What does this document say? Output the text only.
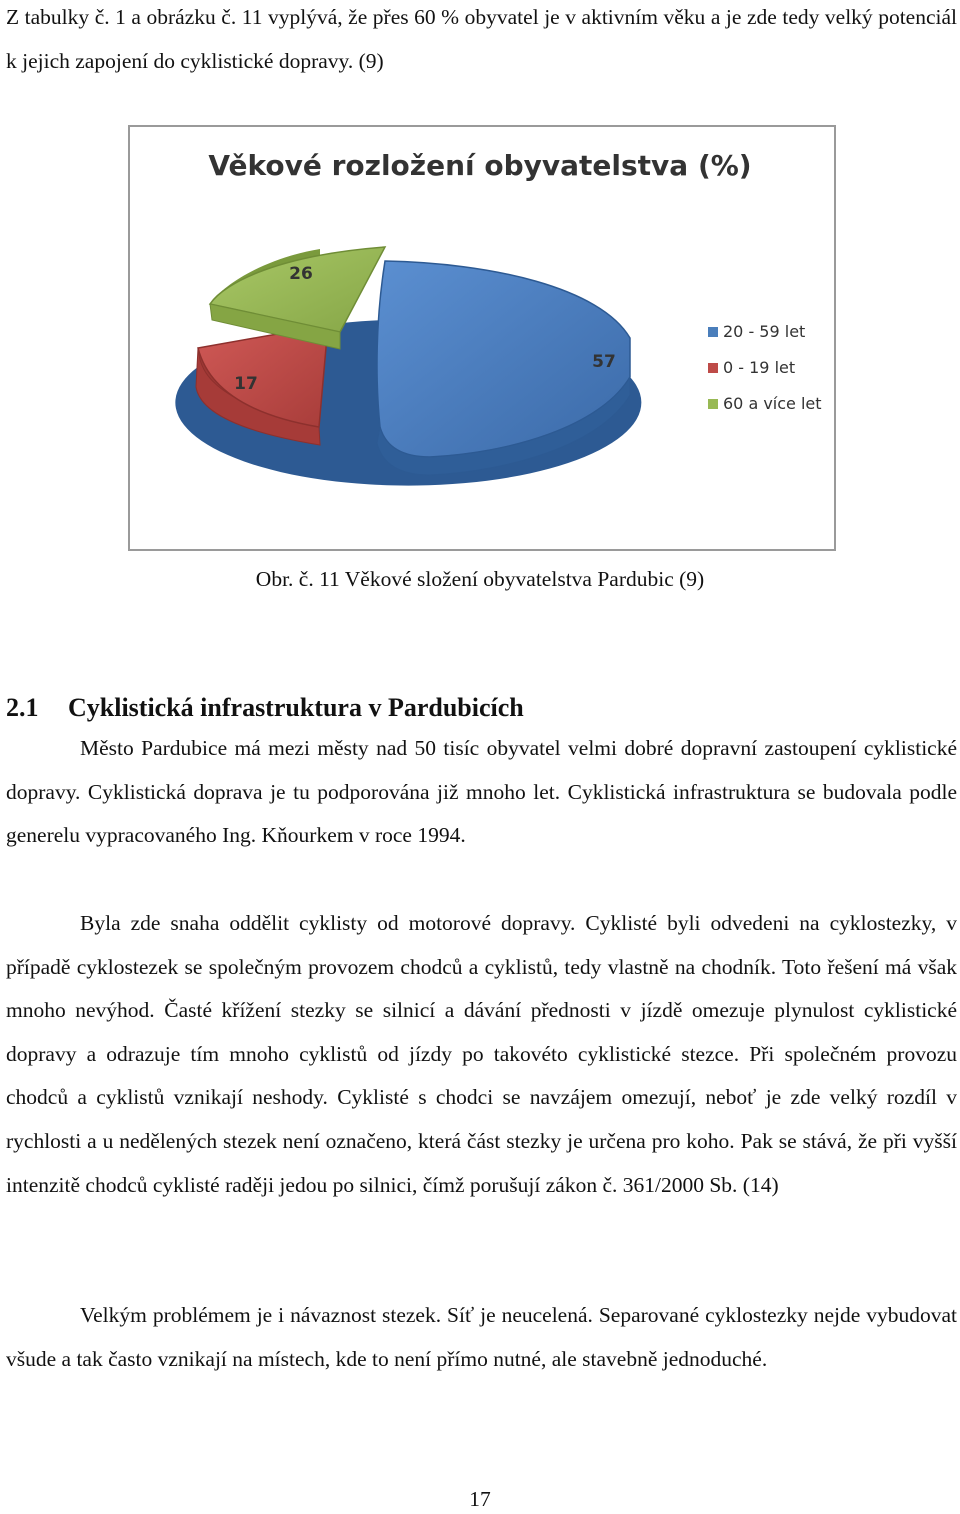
Z tabulky č. 1 a obrázku č. 11 vyplývá, že přes 60 % obyvatel je v aktivním věku a je zde tedy velký potenciál k jejich zapojení do cyklistické dopravy. (9)

Věkové rozložení obyvatelstva (%)
57
17
26
20 - 59 let
0 - 19 let
60 a více let
Obr. č. 11 Věkové složení obyvatelstva Pardubic (9)
2.1 Cyklistická infrastruktura v Pardubicích

Město Pardubice má mezi městy nad 50 tisíc obyvatel velmi dobré dopravní zastoupení cyklistické dopravy. Cyklistická doprava je tu podporována již mnoho let. Cyklistická infrastruktura se budovala podle generelu vypracovaného Ing. Kňourkem v roce 1994.

Byla zde snaha oddělit cyklisty od motorové dopravy. Cyklisté byli odvedeni na cyklostezky, v případě cyklostezek se společným provozem chodců a cyklistů, tedy vlastně na chodník. Toto řešení má však mnoho nevýhod. Časté křížení stezky se silnicí a dávání přednosti v jízdě omezuje plynulost cyklistické dopravy a odrazuje tím mnoho cyklistů od jízdy po takovéto cyklistické stezce. Při společném provozu chodců a cyklistů vznikají neshody. Cyklisté s chodci se navzájem omezují, neboť je zde velký rozdíl v rychlosti a u nedělených stezek není označeno, která část stezky je určena pro koho. Pak se stává, že při vyšší intenzitě chodců cyklisté raději jedou po silnici, čímž porušují zákon č. 361/2000 Sb. (14)

Velkým problémem je i návaznost stezek. Síť je neucelená. Separované cyklostezky nejde vybudovat všude a tak často vznikají na místech, kde to není přímo nutné, ale stavebně jednoduché.

17
